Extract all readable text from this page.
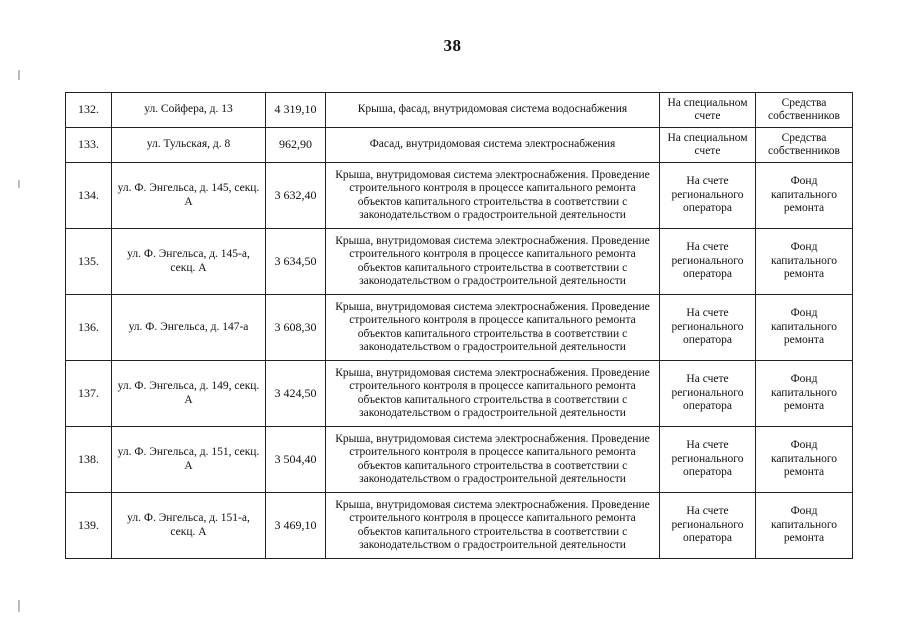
38
132.	ул. Сойфера, д. 13	4 319,10	Крыша, фасад, внутридомовая система водоснабжения	На специальном счете	Средства собственников
133.	ул. Тульская, д. 8	962,90	Фасад, внутридомовая система электроснабжения	На специальном счете	Средства собственников
134.	ул. Ф. Энгельса, д. 145, секц. А	3 632,40	Крыша, внутридомовая система электроснабжения. Проведение строительного контроля в процессе капитального ремонта объектов капитального строительства в соответствии с законодательством о градостроительной деятельности	На счете регионального оператора	Фонд капитального ремонта
135.	ул. Ф. Энгельса, д. 145-а, секц. А	3 634,50	Крыша, внутридомовая система электроснабжения. Проведение строительного контроля в процессе капитального ремонта объектов капитального строительства в соответствии с законодательством о градостроительной деятельности	На счете регионального оператора	Фонд капитального ремонта
136.	ул. Ф. Энгельса, д. 147-а	3 608,30	Крыша, внутридомовая система электроснабжения. Проведение строительного контроля в процессе капитального ремонта объектов капитального строительства в соответствии с законодательством о градостроительной деятельности	На счете регионального оператора	Фонд капитального ремонта
137.	ул. Ф. Энгельса, д. 149, секц. А	3 424,50	Крыша, внутридомовая система электроснабжения. Проведение строительного контроля в процессе капитального ремонта объектов капитального строительства в соответствии с законодательством о градостроительной деятельности	На счете регионального оператора	Фонд капитального ремонта
138.	ул. Ф. Энгельса, д. 151, секц. А	3 504,40	Крыша, внутридомовая система электроснабжения. Проведение строительного контроля в процессе капитального ремонта объектов капитального строительства в соответствии с законодательством о градостроительной деятельности	На счете регионального оператора	Фонд капитального ремонта
139.	ул. Ф. Энгельса, д. 151-а, секц. А	3 469,10	Крыша, внутридомовая система электроснабжения. Проведение строительного контроля в процессе капитального ремонта объектов капитального строительства в соответствии с законодательством о градостроительной деятельности	На счете регионального оператора	Фонд капитального ремонта
